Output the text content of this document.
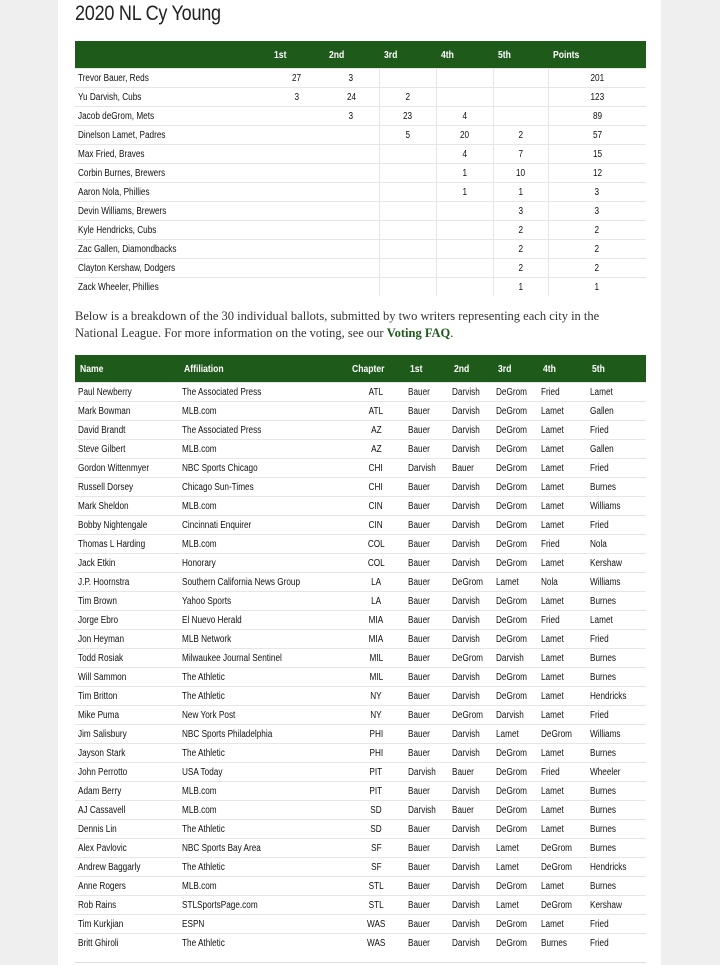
2020 NL Cy Young
	1st	2nd	3rd	4th	5th	Points
Trevor Bauer, Reds	27	3				201
Yu Darvish, Cubs	3	24	2			123
Jacob deGrom, Mets		3	23	4		89
Dinelson Lamet, Padres			5	20	2	57
Max Fried, Braves				4	7	15
Corbin Burnes, Brewers				1	10	12
Aaron Nola, Phillies				1	1	3
Devin Williams, Brewers					3	3
Kyle Hendricks, Cubs					2	2
Zac Gallen, Diamondbacks					2	2
Clayton Kershaw, Dodgers					2	2
Zack Wheeler, Phillies					1	1
Below is a breakdown of the 30 individual ballots, submitted by two writers representing each city in the National League. For more information on the voting, see our Voting FAQ.
Name	Affiliation	Chapter	1st	2nd	3rd	4th	5th
Paul Newberry	The Associated Press	ATL	Bauer	Darvish	DeGrom	Fried	Lamet
Mark Bowman	MLB.com	ATL	Bauer	Darvish	DeGrom	Lamet	Gallen
David Brandt	The Associated Press	AZ	Bauer	Darvish	DeGrom	Lamet	Fried
Steve Gilbert	MLB.com	AZ	Bauer	Darvish	DeGrom	Lamet	Gallen
Gordon Wittenmyer	NBC Sports Chicago	CHI	Darvish	Bauer	DeGrom	Lamet	Fried
Russell Dorsey	Chicago Sun-Times	CHI	Bauer	Darvish	DeGrom	Lamet	Burnes
Mark Sheldon	MLB.com	CIN	Bauer	Darvish	DeGrom	Lamet	Williams
Bobby Nightengale	Cincinnati Enquirer	CIN	Bauer	Darvish	DeGrom	Lamet	Fried
Thomas L Harding	MLB.com	COL	Bauer	Darvish	DeGrom	Fried	Nola
Jack Etkin	Honorary	COL	Bauer	Darvish	DeGrom	Lamet	Kershaw
J.P. Hoornstra	Southern California News Group	LA	Bauer	DeGrom	Lamet	Nola	Williams
Tim Brown	Yahoo Sports	LA	Bauer	Darvish	DeGrom	Lamet	Burnes
Jorge Ebro	El Nuevo Herald	MIA	Bauer	Darvish	DeGrom	Fried	Lamet
Jon Heyman	MLB Network	MIA	Bauer	Darvish	DeGrom	Lamet	Fried
Todd Rosiak	Milwaukee Journal Sentinel	MIL	Bauer	DeGrom	Darvish	Lamet	Burnes
Will Sammon	The Athletic	MIL	Bauer	Darvish	DeGrom	Lamet	Burnes
Tim Britton	The Athletic	NY	Bauer	Darvish	DeGrom	Lamet	Hendricks
Mike Puma	New York Post	NY	Bauer	DeGrom	Darvish	Lamet	Fried
Jim Salisbury	NBC Sports Philadelphia	PHI	Bauer	Darvish	Lamet	DeGrom	Williams
Jayson Stark	The Athletic	PHI	Bauer	Darvish	DeGrom	Lamet	Burnes
John Perrotto	USA Today	PIT	Darvish	Bauer	DeGrom	Fried	Wheeler
Adam Berry	MLB.com	PIT	Bauer	Darvish	DeGrom	Lamet	Burnes
AJ Cassavell	MLB.com	SD	Darvish	Bauer	DeGrom	Lamet	Burnes
Dennis Lin	The Athletic	SD	Bauer	Darvish	DeGrom	Lamet	Burnes
Alex Pavlovic	NBC Sports Bay Area	SF	Bauer	Darvish	Lamet	DeGrom	Burnes
Andrew Baggarly	The Athletic	SF	Bauer	Darvish	Lamet	DeGrom	Hendricks
Anne Rogers	MLB.com	STL	Bauer	Darvish	DeGrom	Lamet	Burnes
Rob Rains	STLSportsPage.com	STL	Bauer	Darvish	Lamet	DeGrom	Kershaw
Tim Kurkjian	ESPN	WAS	Bauer	Darvish	DeGrom	Lamet	Fried
Britt Ghiroli	The Athletic	WAS	Bauer	Darvish	DeGrom	Burnes	Fried
